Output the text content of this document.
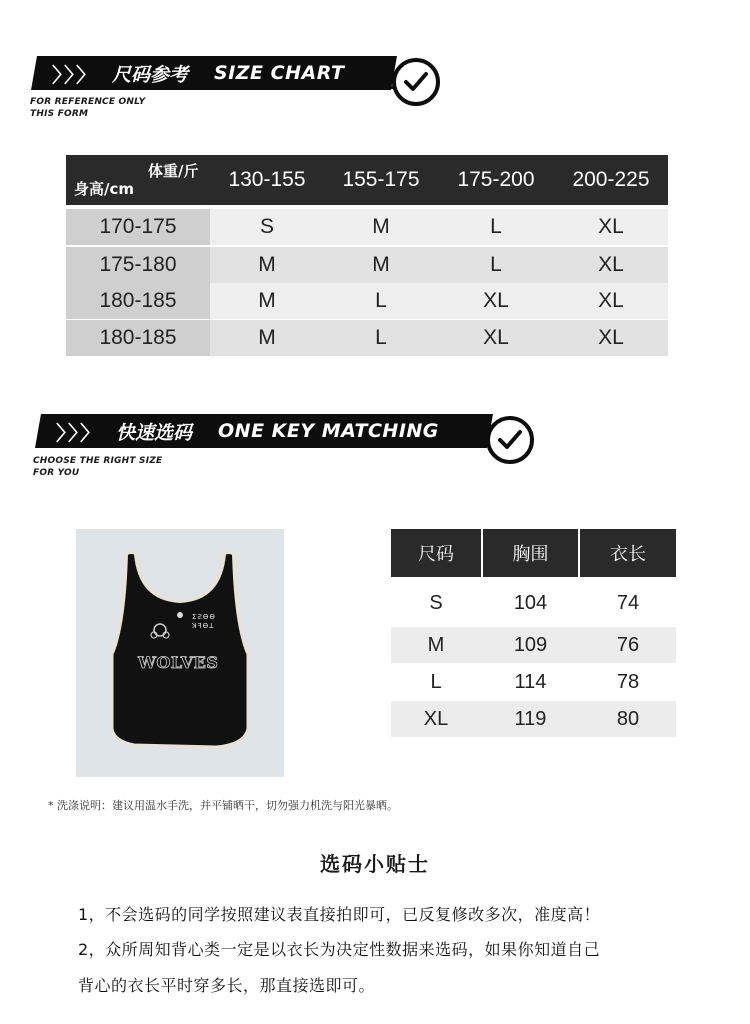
〉〉〉 尺码参考 SIZE CHART
FOR REFERENCE ONLY
THIS FORM
体重/斤
身高/cm	130-155	155-175	175-200	200-225
170-175	S	M	L	XL
175-180	M	M	L	XL
180-185	M	L	XL	XL
180-185	M	L	XL	XL
〉〉〉 快速选码 ONE KEY MATCHING
CHOOSE THE RIGHT SIZE
FOR YOU
ƩƧƟƟ
ꓘꟻƟꓕ
WOLVES
尺码	胸围	衣长
S	104	74
M	109	76
L	114	78
XL	119	80
* 洗涤说明：建议用温水手洗，并平铺晒干，切勿强力机洗与阳光暴晒。
选码小贴士
1，不会选码的同学按照建议表直接拍即可，已反复修改多次，准度高！
2，众所周知背心类一定是以衣长为决定性数据来选码，如果你知道自己
背心的衣长平时穿多长，那直接选即可。
